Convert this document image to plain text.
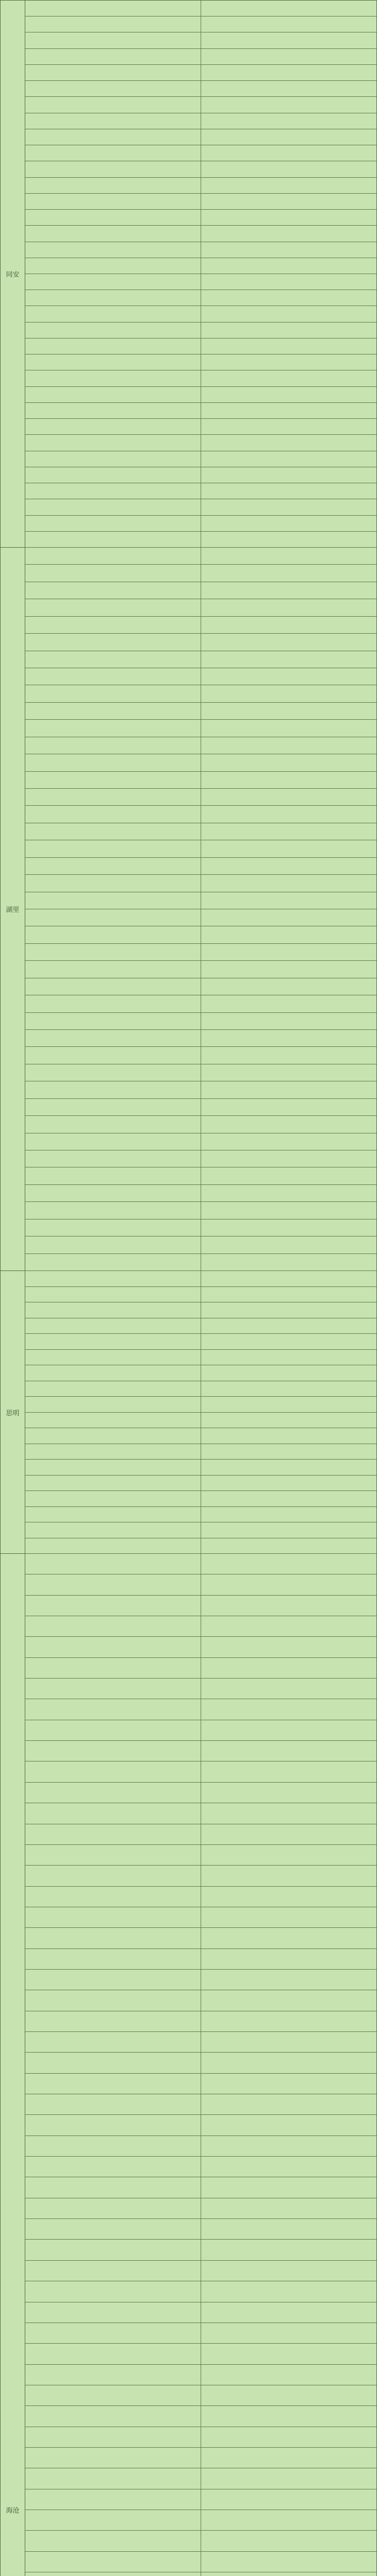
同安
湖里
思明
海沧
